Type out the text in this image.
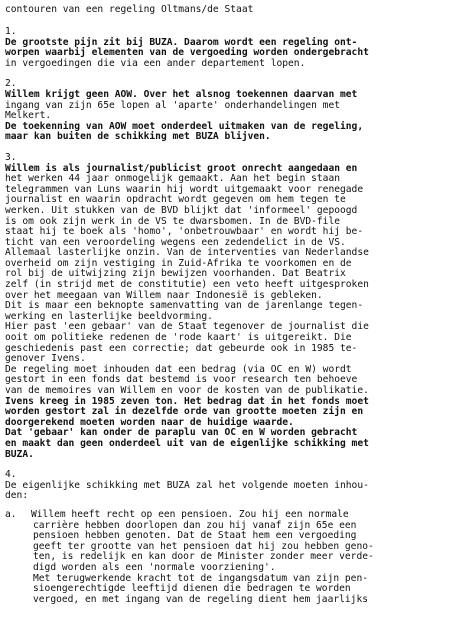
contouren van een regeling Oltmans/de Staat
1.
De grootste pijn zit bij BUZA. Daarom wordt een regeling ont-
worpen waarbij elementen van de vergoeding worden ondergebracht
in vergoedingen die via een ander departement lopen.
2.
Willem krijgt geen AOW. Over het alsnog toekennen daarvan met
ingang van zijn 65e lopen al 'aparte' onderhandelingen met
Melkert.
De toekenning van AOW moet onderdeel uitmaken van de regeling,
maar kan buiten de schikking met BUZA blijven.
3.
Willem is als journalist/publicist groot onrecht aangedaan en
het werken 44 jaar onmogelijk gemaakt. Aan het begin staan
telegrammen van Luns waarin hij wordt uitgemaakt voor renegade
journalist en waarin opdracht wordt gegeven om hem tegen te
werken. Uit stukken van de BVD blijkt dat 'informeel' gepoogd
is om ook zijn werk in de VS te dwarsbomen. In de BVD-file
staat hij te boek als 'homo', 'onbetrouwbaar' en wordt hij be-
ticht van een veroordeling wegens een zedendelict in de VS.
Allemaal lasterlijke onzin. Van de interventies van Nederlandse
overheid om zijn vestiging in Zuid-Afrika te voorkomen en de
rol bij de uitwijzing zijn bewijzen voorhanden. Dat Beatrix
zelf (in strijd met de constitutie) een veto heeft uitgesproken
over het meegaan van Willem naar Indonesië is gebleken.
Dit is maar een beknopte samenvatting van de jarenlange tegen-
werking en lasterlijke beeldvorming.
Hier past 'een gebaar' van de Staat tegenover de journalist die
ooit om politieke redenen de 'rode kaart' is uitgereikt. Die
geschiedenis past een correctie; dat gebeurde ook in 1985 te-
genover Ivens.
De regeling moet inhouden dat een bedrag (via OC en W) wordt
gestort in een fonds dat bestemd is voor research ten behoeve
van de memoires van Willem en voor de kosten van de publikatie.
Ivens kreeg in 1985 zeven ton. Het bedrag dat in het fonds moet
worden gestort zal in dezelfde orde van grootte moeten zijn en
doorgerekend moeten worden naar de huidige waarde.
Dat 'gebaar' kan onder de paraplu van OC en W worden gebracht
en maakt dan geen onderdeel uit van de eigenlijke schikking met
BUZA.
4.
De eigenlijke schikking met BUZA zal het volgende moeten inhou-
den:
a. Willem heeft recht op een pensioen. Zou hij een normale
carrière hebben doorlopen dan zou hij vanaf zijn 65e een
pensioen hebben genoten. Dat de Staat hem een vergoeding
geeft ter grootte van het pensioen dat hij zou hebben geno-
ten, is redelijk en kan door de Minister zonder meer verde-
digd worden als een 'normale voorziening'.
Met terugwerkende kracht tot de ingangsdatum van zijn pen-
sioengerechtigde leeftijd dienen die bedragen te worden
vergoed, en met ingang van de regeling dient hem jaarlijks
